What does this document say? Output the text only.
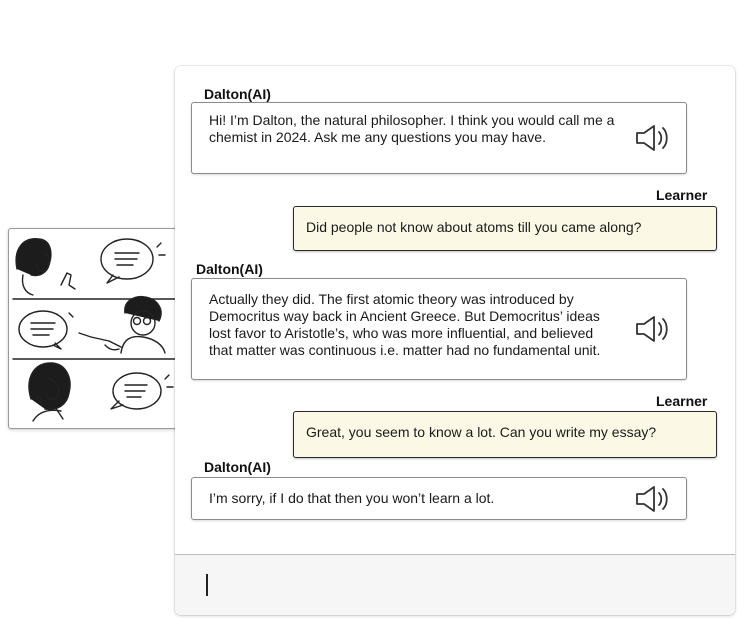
Dalton(AI)
Hi! I’m Dalton, the natural philosopher. I think you would call me a chemist in 2024. Ask me any questions you may have.
Learner
Did people not know about atoms till you came along?
Dalton(AI)
Actually they did. The first atomic theory was introduced by Democritus way back in Ancient Greece. But Democritus’ ideas lost favor to Aristotle’s, who was more influential, and believed that matter was continuous i.e. matter had no fundamental unit.
Learner
Great, you seem to know a lot. Can you write my essay?
Dalton(AI)
I’m sorry, if I do that then you won’t learn a lot.
